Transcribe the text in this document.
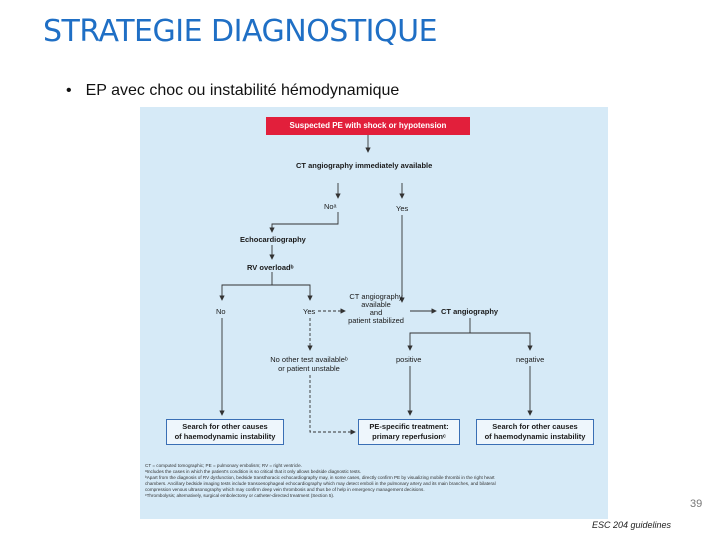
STRATEGIE DIAGNOSTIQUE
• EP avec choc ou instabilité hémodynamique
Suspected PE with shock or hypotension
CT angiography immediately available
Noᵃ	Yes
Echocardiography
RV overloadᵇ
No	Yes
CT angiography
available
and
patient stabilized
CT angiography
No other test availableᵇ
or patient unstable
positive	negative
Search for other causes
of haemodynamic instability
PE-specific treatment:
primary reperfusionᶜ
Search for other causes
of haemodynamic instability
CT = computed tomographic; PE = pulmonary embolism; RV = right ventricle.
ᵃIncludes the cases in which the patient's condition is so critical that it only allows bedside diagnostic tests.
ᵇApart from the diagnosis of RV dysfunction, bedside transthoracic echocardiography may, in some cases, directly confirm PE by visualizing mobile thrombi in the right heart
chambers. Ancillary bedside imaging tests include transoesophageal echocardiography which may detect emboli in the pulmonary artery and its main branches, and bilateral
compression venous ultrasonography which may confirm deep vein thrombosis and thus be of help in emergency management decisions.
ᶜThrombolysis; alternatively, surgical embolectomy or catheter-directed treatment (Section 5).
39
ESC 204 guidelines
